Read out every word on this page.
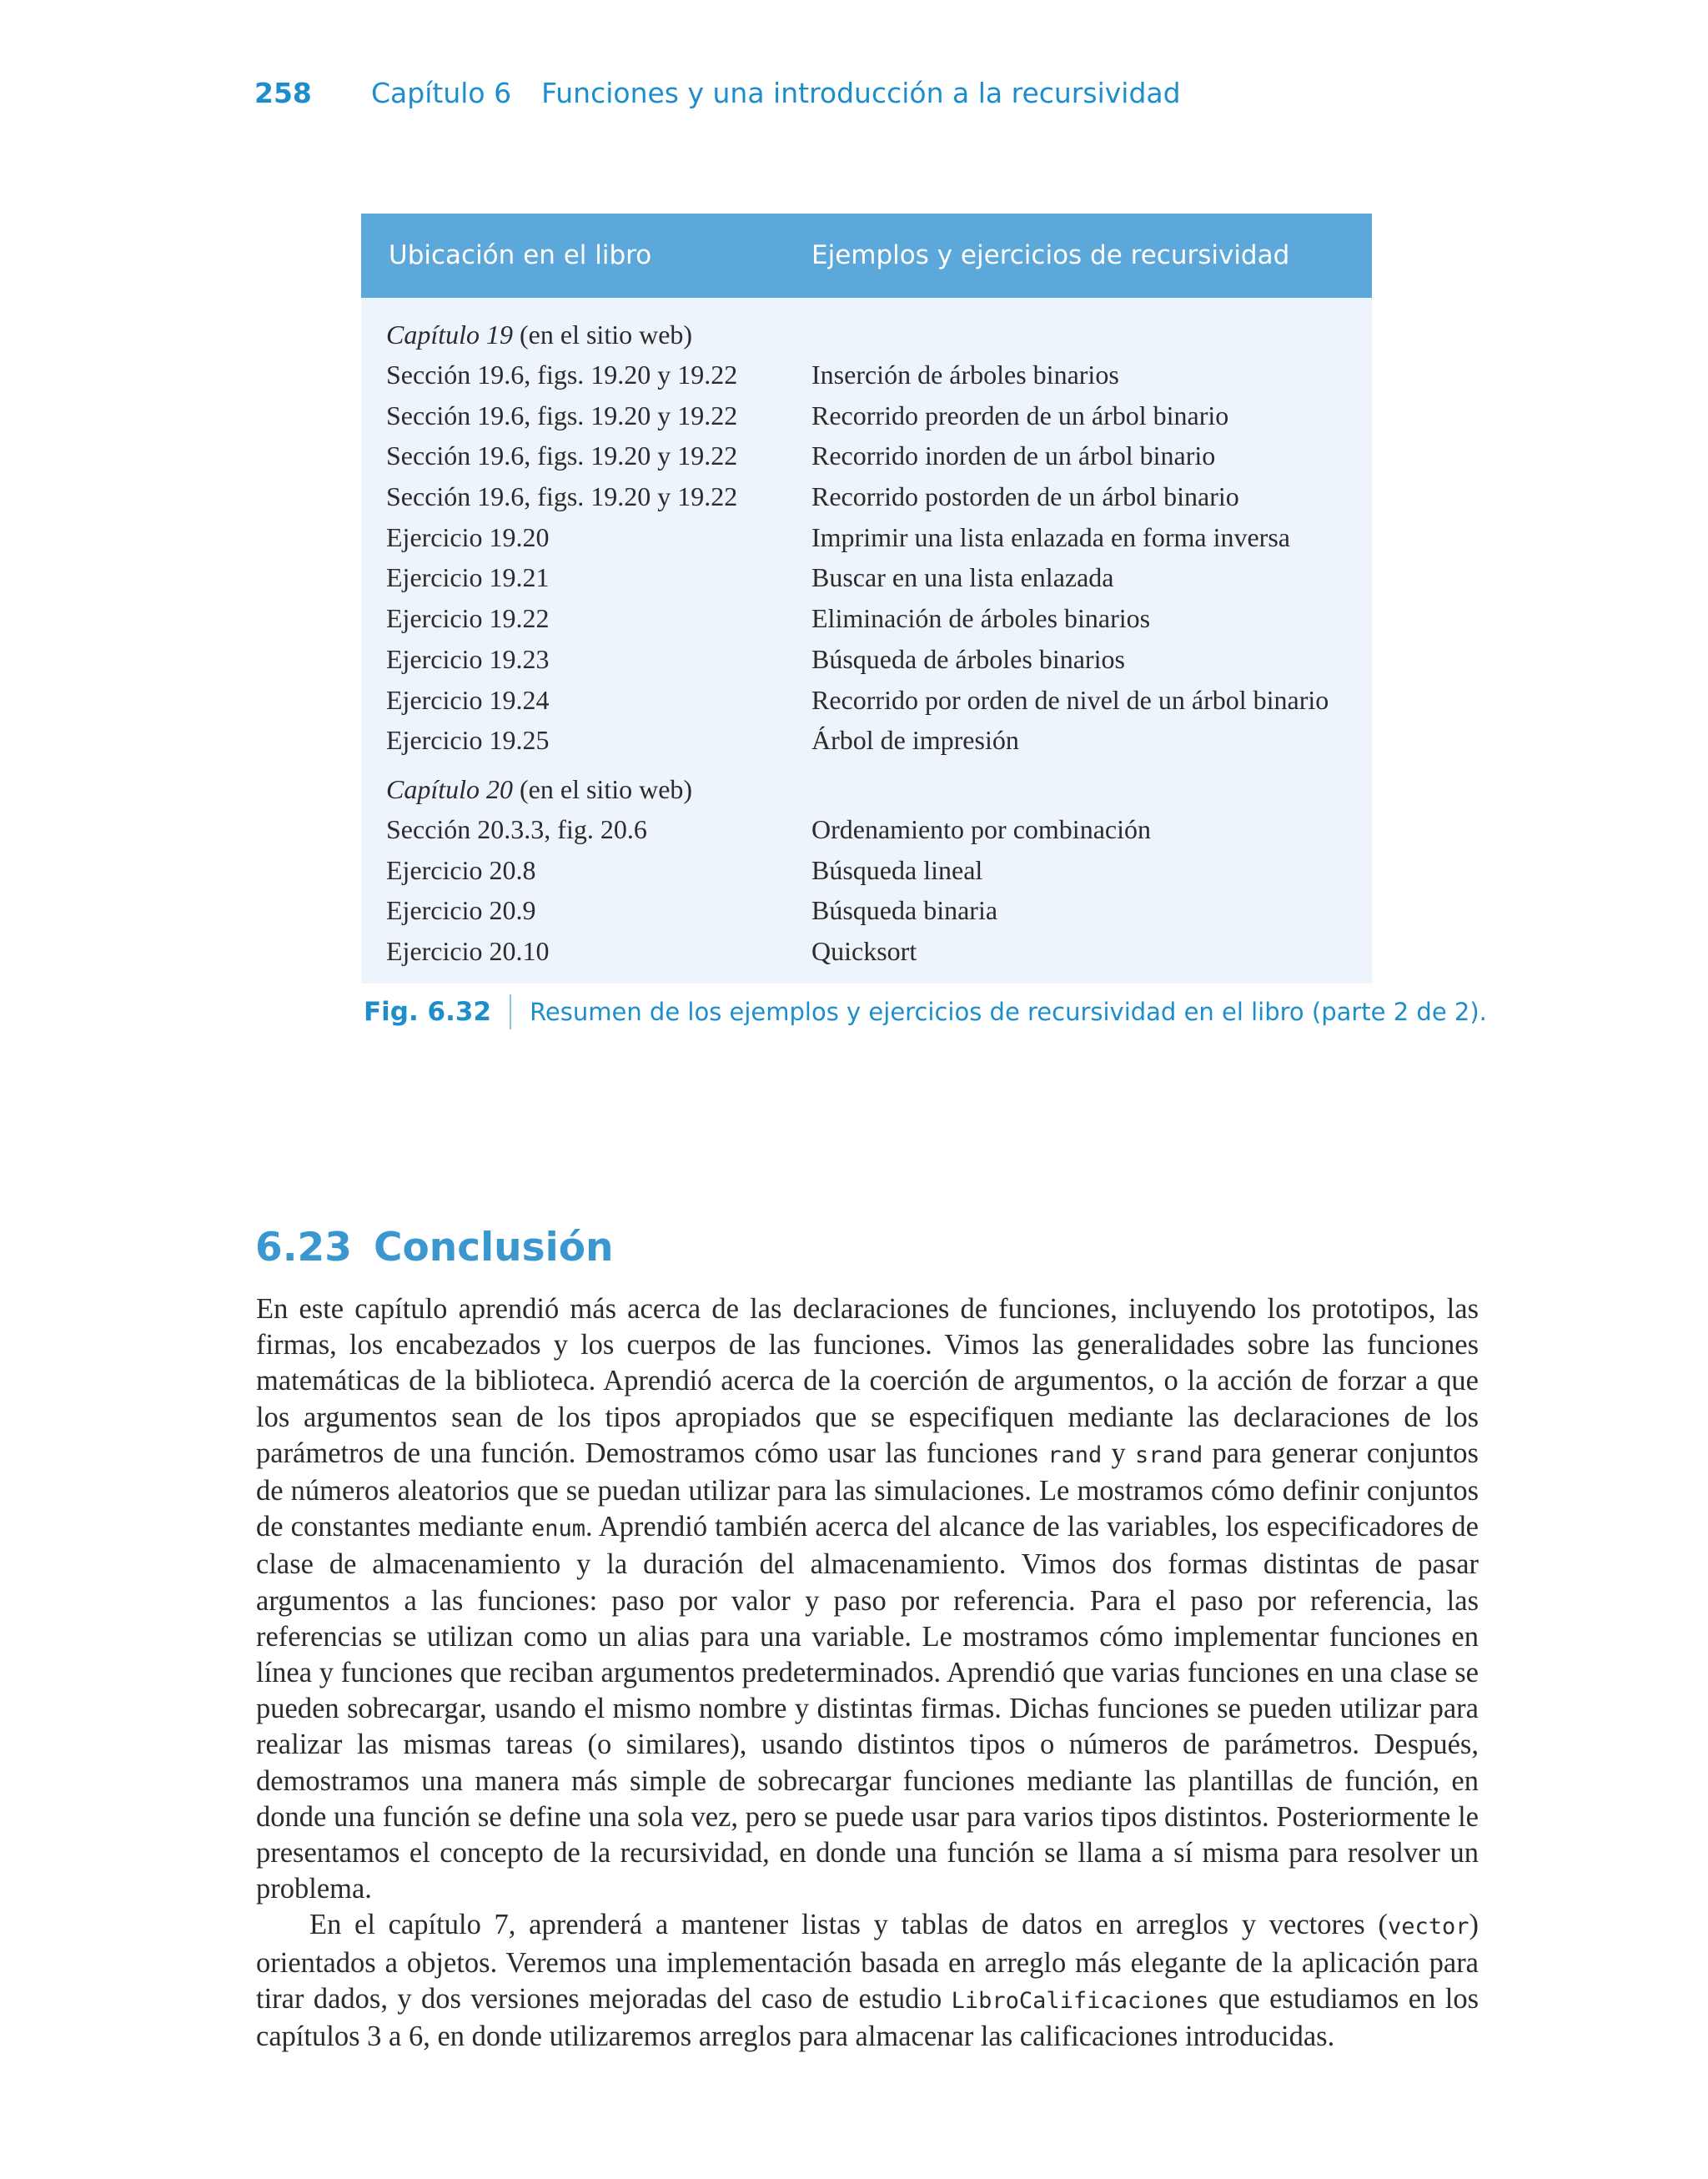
258 Capítulo 6 Funciones y una introducción a la recursividad
Ubicación en el libro	Ejemplos y ejercicios de recursividad
Capítulo 19 (en el sitio web)
Sección 19.6, figs. 19.20 y 19.22	Inserción de árboles binarios
Sección 19.6, figs. 19.20 y 19.22	Recorrido preorden de un árbol binario
Sección 19.6, figs. 19.20 y 19.22	Recorrido inorden de un árbol binario
Sección 19.6, figs. 19.20 y 19.22	Recorrido postorden de un árbol binario
Ejercicio 19.20	Imprimir una lista enlazada en forma inversa
Ejercicio 19.21	Buscar en una lista enlazada
Ejercicio 19.22	Eliminación de árboles binarios
Ejercicio 19.23	Búsqueda de árboles binarios
Ejercicio 19.24	Recorrido por orden de nivel de un árbol binario
Ejercicio 19.25	Árbol de impresión
Capítulo 20 (en el sitio web)
Sección 20.3.3, fig. 20.6	Ordenamiento por combinación
Ejercicio 20.8	Búsqueda lineal
Ejercicio 20.9	Búsqueda binaria
Ejercicio 20.10	Quicksort
Fig. 6.32 Resumen de los ejemplos y ejercicios de recursividad en el libro (parte 2 de 2).
6.23 Conclusión

En este capítulo aprendió más acerca de las declaraciones de funciones, incluyendo los prototipos, las firmas, los encabezados y los cuerpos de las funciones. Vimos las generalidades sobre las funciones matemáticas de la biblioteca. Aprendió acerca de la coerción de argumentos, o la acción de forzar a que los argumentos sean de los tipos apropiados que se especifiquen mediante las declaraciones de los parámetros de una función. Demostramos cómo usar las funciones rand y srand para generar conjuntos de números aleatorios que se puedan utilizar para las simulaciones. Le mostramos cómo definir conjuntos de constantes mediante enum. Aprendió también acerca del alcance de las variables, los especificadores de clase de almacenamiento y la duración del almacenamiento. Vimos dos formas distintas de pasar argumentos a las funciones: paso por valor y paso por referencia. Para el paso por referencia, las referencias se utilizan como un alias para una variable. Le mostramos cómo implementar funciones en línea y funciones que reciban argumentos predeterminados. Aprendió que varias funciones en una clase se pueden sobrecargar, usando el mismo nombre y distintas firmas. Dichas funciones se pueden utilizar para realizar las mismas tareas (o similares), usando distintos tipos o números de parámetros. Después, demostramos una manera más simple de sobrecargar funciones mediante las plantillas de función, en donde una función se define una sola vez, pero se puede usar para varios tipos distintos. Posteriormente le presentamos el concepto de la recursividad, en donde una función se llama a sí misma para resolver un problema.

En el capítulo 7, aprenderá a mantener listas y tablas de datos en arreglos y vectores (vector) orientados a objetos. Veremos una implementación basada en arreglo más elegante de la aplicación para tirar dados, y dos versiones mejoradas del caso de estudio LibroCalificaciones que estudiamos en los capítulos 3 a 6, en donde utilizaremos arreglos para almacenar las calificaciones introducidas.
